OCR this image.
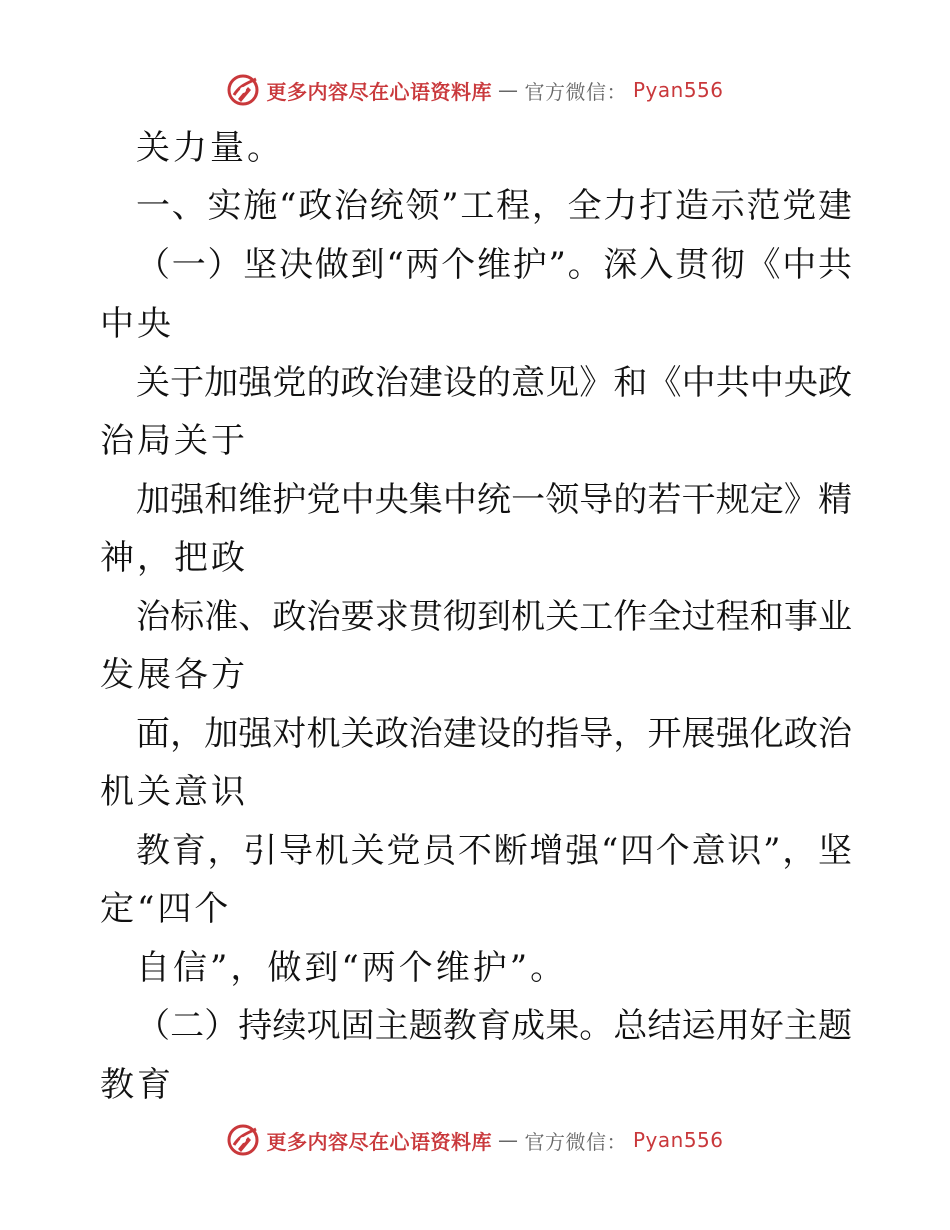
更多内容尽在心语资料库 — 官方微信： Pyan556
关力量。
一、实施“政治统领”工程，全力打造示范党建
（一）坚决做到“两个维护”。深入贯彻《中共
中央
关于加强党的政治建设的意见》和《中共中央政
治局关于
加强和维护党中央集中统一领导的若干规定》精
神，把政
治标准、政治要求贯彻到机关工作全过程和事业
发展各方
面，加强对机关政治建设的指导，开展强化政治
机关意识
教育，引导机关党员不断增强“四个意识”，坚
定“四个
自信”，做到“两个维护”。
（二）持续巩固主题教育成果。总结运用好主题
教育
更多内容尽在心语资料库 — 官方微信： Pyan556
